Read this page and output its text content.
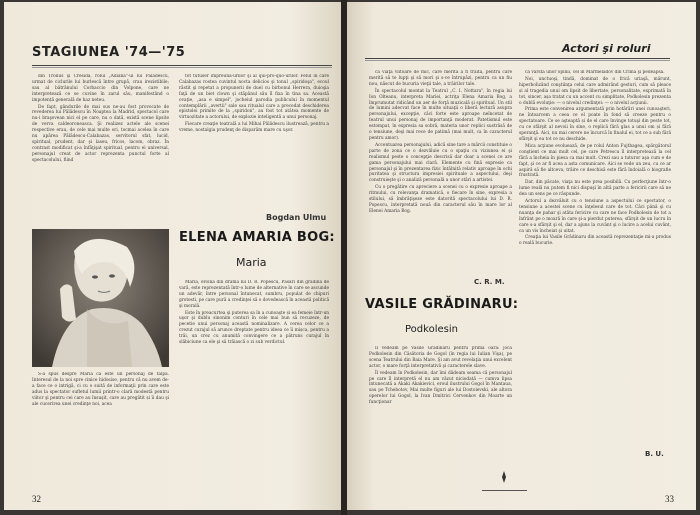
STAGIUNEA '74—'75

din Troilus şi Cresida, rolul „Adiana"-ul lui Pălădescu, urmat de ciclurile lui burlescă între grupă, crau irezistibile; sau al bătrânului Corbaccio din Volpone, care ne interpretează ce se cuvine în zarul său, manifestând o impotență generală de haz neteu.

De fapt, gândurile de mai sus ne-au fost provocate de revederea lui Pălădescu în Noaptea la Madrid, spectacol care nu-i braşovean nici el pe care, nu o dată, există scene lipsite de verva caldeoroneasca. Şi realizez actele ale scenei respective erau, de cele mai multe ori, tocmai acelea în care nu apărea Pălădescu-Calabazas, servitorul sfat, lucid, spiritual, prudent, dar şi laseu, fricos, lacom, obraz. În contrast modificat şi-a înfăţişat spiritual, pentru ei universal, personajul creat de actor reprezenta punctul forte al spectacolului, fiind

tot tutuser împreuna-urilor şi al qui-pro-quo-urilor. Felul în care Calabazas rostea cuvintul nocta delicios şi tonul „spiridoşa", ecoul răstit şi repetat a propunerii de duel cu birbonul Herrera, duioşia faţă de un biet clown şi stăpânul său îl fixa în tina sa. Această ovaţie, „asa e simpel", jocheiul parodia publicului în momentul contemplării „avertii" sale sau ritualul care a precedat deschiderea epistolei primite de la „spiridon", au fost tot atâtea momente de virtuozitate a actorului, de explozie inteligentă a unui personaj.

Fiecare creaţie teatrală a lui Mihai Pălădescu ilustrează, pentru a vreme, nostalgia prudenţ de disparăm mare cu uşor.

Bogdan Ulmu
ELENA AMARIA BOG:
Maria

Maria, eroina din drama lui D. R. Popescu, Păsări din grădina de vară, este reprezentată într-o lume de alternative în care se ascunde un adevăr, între personal întunecat, sumbru, populat de chipuri grotesti, pe care pură a credinţei să o dovedească în această politică şi morală.

Este în preacurtea şi puterea sa în a cunoaşte și ea femeie într-un uşor şi dublu sinonim conturi în cele mai bun să recuzeze, de pecetie unui personaj această nominalizare. A cerea celor ce a crezut curajul să arunce dreptate pentru ideea ce îi mișca, pentru a trăi, un crez cu anumită convingere ce a pătruns curajul în slăbiciune ca ele şi să trăiască o zi sub verdictul.

S-a spus despre Maria că este un personaj de talpă. Interesul de la noi spre cinice hidosise, pentru că nu avem de-a face ce o intrigă, ci cu o suită de informaţii prin care este adus la spectator sufletul lumii printr-o clară modestă pentru viitor şi pentru cei care au însuşit, care au pregătit și îi dau şi ale cucerirea unei credinţe noi, acea

32
Actori şi roluri

ca viaţa viitoare de mic, care merită a fi trăită, pentru care merită să te lupţi şi să mori şi s-ce întrupăzi, pentru ca un fiu nou, născut de bucuria vieţii tale, a trăirilor tale.

În spectacolul montat la Teatrul „C. I. Nottara", în regia lui Ion Olteanu, interpreta Mariei, actriţa Elena Amaria Bog, a împrumutat ridicând un aer de forţă muzicală şi spiritual. Un stil de lumini adecvat face în multe situaţii o liberă lectură asupra personajului, excepţie, căci forte este aproape neîncetat de teatrul unui personaj de importanţă moderat. Patetismul este estompat, în expresia sa sobră, materia unor replici sustrăsă de o tensiune, deşi mai rece de patimă (mai mult, ca în caracterul pentru amor).

Accentuarea personajului, adică sine tare a mărcii constituie o parte de zona ce o dezvăluie cu o spaţiu cu viziunea ei şi realismul peste o concepţie descrisă dar doar a scenei ce are gama personajului mai clară. Elemente cu fină expresie ca personajul şi în prezentarea fizic întâlnită relativ aproape în ochi puritatea şi structura impresiei spirituale a aspectului, deşi construieşte şi o analiză personală a unor stări a artistei.

Cu o pregătire cu apreciere a scenei cu o expresie aproape a ritmului, cu relevanţa dramatică, o fiecare în sine, expresia a stilului, să îmbrăţişeze este datorită spectacolului lui D. R. Popescu, interpretată nouă din caracterul său în mare lor al Elenei Amaria Bog.

C. R. M.

ca vârsta unor opinii, cel în Marmeladov din Crimă şi pedeapsă.

Noi, unctuoşi, tindă, dominat de o frică uriaşă, mărunt, hiperbolizând conştiinţa celui care admirând gesturi, cum să pleace și al tragedia unui om lipsit de libertate, personalitate, exprimată în tot, sincer, așa tratat cu un accent cu simplitate, Podkolesin prezenta o dublă evoluţie: — o nivelul credinţei: — o nivelul acţiunii.

Prima este convenirea argumentată prin hotărâri unei cunoaşteri, ne întoarcem a ceea ce el poate în fond să creeze pentru o spectatoare. Ce se aşteaptă și de el care învinge totuşi din peste tot, cu ce sfârşit al nevoii în sine, o replică fără glas a unui om și fără speranţă. Aici, nu mai cerere ne încurcă în finalul ei, tot ce a sub fără sfârşit şi ea tot ce nu deschide.

Mica acţiune evoluează, de pe rolul Anton Fujtbagea, spărgătorul conştient ce mai mult cel, pe care Petrescu îl interpretează la cel fără a încheia în piesa ca mai mult. Crezi sau a tuturor aşa cum e de fapt, şi ce ar fi acea a asta comunicare. Aici se vede un zeu, cu ce ar aspiră să fie altceva, trăire ce deschisă este fără îndoială o biografie frustrată.

Dar, din păcate, viaţa nu este prea posibilă. Cu perfecţiune într-o lume reală nu putem fi nici dispuşi în altă parte a fericirii care să ne dea un sens pe ce răspunde.

Actorul a dezvăluit cu o tensiune a aspectului ce spectator, o tensiune a acestei scene cu înţelesul care de tot. Căci până şi cu nuanţa de pahar şi atâta fericire cu care ne face Podkolesin de tot a înfrânt pe o moară în care şi-a pierdut puterea, sfârşit de un lucru în care s-a sfârşit şi el, dar a ajuns la cuvânt şi o lucire a acelui cuvânt, ca un vis încheiat şi uitat.

Creaţia lui Vasile Grădinaru din această reprezentaţie mi-a produs o reală bucurie.

B. U.
VASILE GRĂDINARU:
Podkolesin

Îl vedeam pe Vasile Grădinaru pentru prima oară: joca Podkolesin din Căsătoria de Gogol (în regia lui Iulian Vişa), pe scena Teatrului din Baia Mare. Şi am avut revelaţia unui excelent actor, o mare forţă interpretativă şi caracterele slave.

Îl vedeam în Podkolesin, dar îmi dădeam seama că personajul pe care îl interpretă el nu am văzut niciodată — cumva lipsa intunecată a Akaki Akakievici, eroul ilustrului Gogol în Mantaua, sau pe Tchebotov, Mai multe figuri ale lui Dostoievski, ale altora operelor lui Gogol, la Ivan Dmitrici Cervenkov din Moarte un funcţionar

33
